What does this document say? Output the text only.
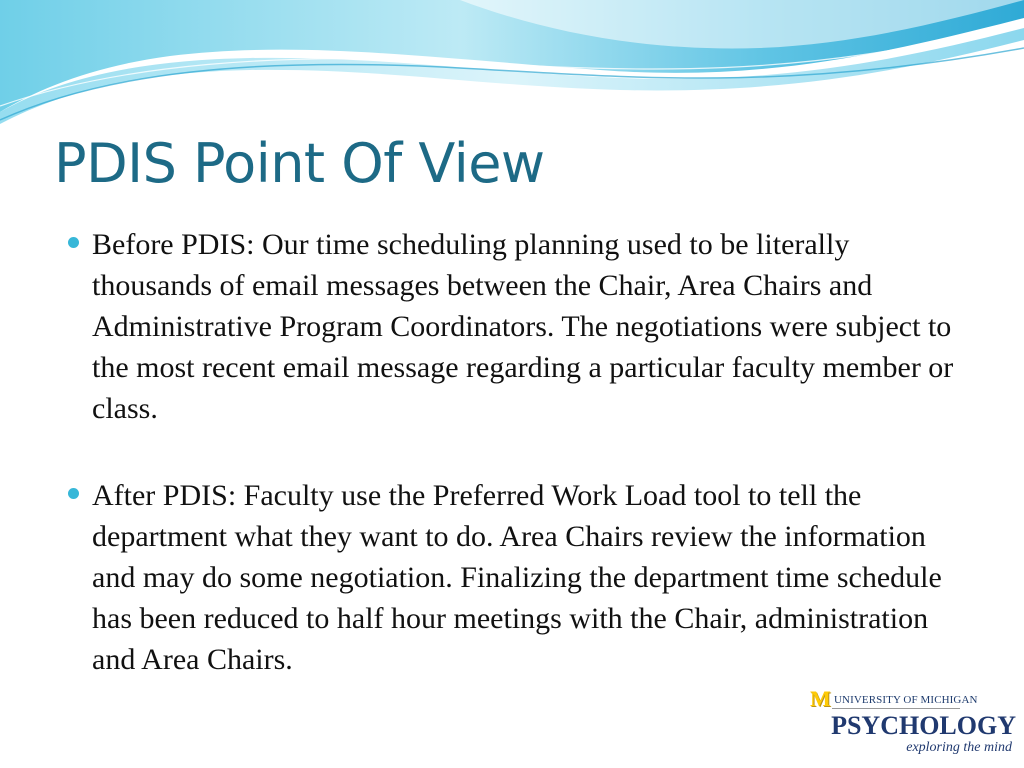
PDIS Point Of View
Before PDIS: Our time scheduling planning used to be literally thousands of email messages between the Chair, Area Chairs and Administrative Program Coordinators. The negotiations were subject to the most recent email message regarding a particular faculty member or class.
After PDIS: Faculty use the Preferred Work Load tool to tell the department what they want to do. Area Chairs review the information and may do some negotiation. Finalizing the department time schedule has been reduced to half hour meetings with the Chair, administration and Area Chairs.
M UNIVERSITY OF MICHIGAN
PSYCHOLOGY
exploring the mind
